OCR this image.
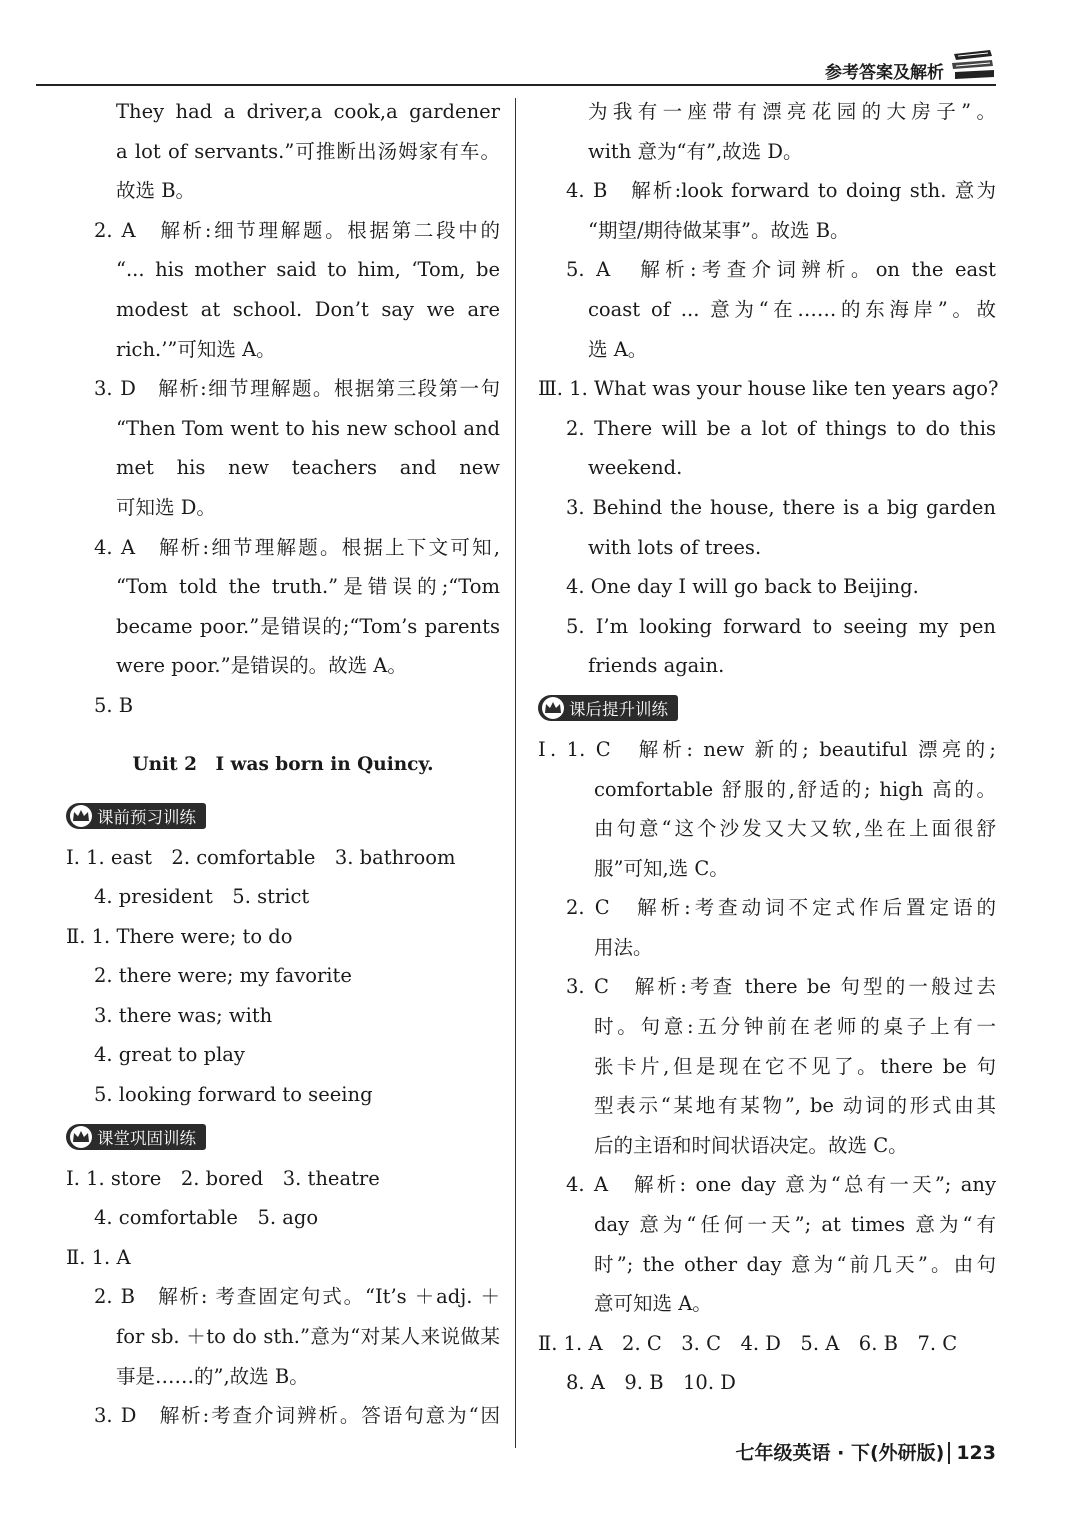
参考答案及解析
They had a driver,a cook,a gardener
a lot of servants.”可推断出汤姆家有车。
故选 B。
2. A　解析:细节理解题。根据第二段中的
“... his mother said to him, ‘Tom, be
modest at school. Don’t say we are
rich.’”可知选 A。
3. D　解析:细节理解题。根据第三段第一句
“Then Tom went to his new school and
met his new teachers and new
可知选 D。
4. A　解析:细节理解题。根据上下文可知,
“Tom told the truth.”是错误的;“Tom
became poor.”是错误的;“Tom’s parents
were poor.”是错误的。故选 A。
5. B
Unit 2　I was born in Quincy.
课前预习训练
Ⅰ. 1. east　2. comfortable　3. bathroom
4. president　5. strict
Ⅱ. 1. There were; to do
2. there were; my favorite
3. there was; with
4. great to play
5. looking forward to seeing
课堂巩固训练
Ⅰ. 1. store　2. bored　3. theatre
4. comfortable　5. ago
Ⅱ. 1. A
2. B　解析: 考查固定句式。“It’s ＋adj. ＋
for sb. ＋to do sth.”意为“对某人来说做某
事是……的”,故选 B。
3. D　解析:考查介词辨析。答语句意为“因
为我有一座带有漂亮花园的大房子”。
with 意为“有”,故选 D。
4. B　解析:look forward to doing sth. 意为
“期望/期待做某事”。故选 B。
5. A　解析:考查介词辨析。on the east
coast of ... 意为“在……的东海岸”。故
选 A。
Ⅲ. 1. What was your house like ten years ago?
2. There will be a lot of things to do this
weekend.
3. Behind the house, there is a big garden
with lots of trees.
4. One day I will go back to Beijing.
5. I’m looking forward to seeing my pen
friends again.
课后提升训练
Ⅰ. 1. C　解析: new 新的; beautiful 漂亮的;
comfortable 舒服的,舒适的; high 高的。
由句意“这个沙发又大又软,坐在上面很舒
服”可知,选 C。
2. C　解析:考查动词不定式作后置定语的
用法。
3. C　解析:考查 there be 句型的一般过去
时。句意:五分钟前在老师的桌子上有一
张卡片,但是现在它不见了。there be 句
型表示“某地有某物”, be 动词的形式由其
后的主语和时间状语决定。故选 C。
4. A　解析: one day 意为“总有一天”; any
day 意为“任何一天”; at times 意为“有
时”; the other day 意为“前几天”。由句
意可知选 A。
Ⅱ. 1. A　2. C　3. C　4. D　5. A　6. B　7. C
8. A　9. B　10. D
七年级英语 · 下(外研版) 123
